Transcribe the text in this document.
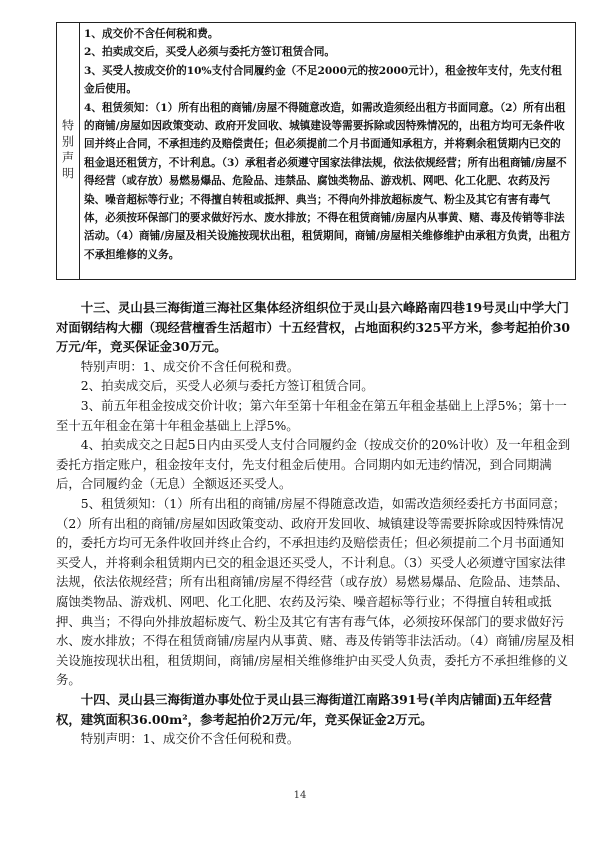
特别声明

1、成交价不含任何税和费。

2、拍卖成交后，买受人必须与委托方签订租赁合同。

3、买受人按成交价的10%支付合同履约金（不足2000元的按2000元计），租金按年支付，先支付租金后使用。

4、租赁须知：（1）所有出租的商铺/房屋不得随意改造，如需改造须经出租方书面同意。（2）所有出租的商铺/房屋如因政策变动、政府开发回收、城镇建设等需要拆除或因特殊情况的，出租方均可无条件收回并终止合同，不承担违约及赔偿责任；但必须提前二个月书面通知承租方，并将剩余租赁期内已交的租金退还租赁方，不计利息。（3）承租者必须遵守国家法律法规，依法依规经营；所有出租商铺/房屋不得经营（或存放）易燃易爆品、危险品、违禁品、腐蚀类物品、游戏机、网吧、化工化肥、农药及污染、噪音超标等行业；不得擅自转租或抵押、典当；不得向外排放超标废气、粉尘及其它有害有毒气体，必须按环保部门的要求做好污水、废水排放；不得在租赁商铺/房屋内从事黄、赌、毒及传销等非法活动。（4）商铺/房屋及相关设施按现状出租，租赁期间，商铺/房屋相关维修维护由承租方负责，出租方不承担维修的义务。

十三、灵山县三海街道三海社区集体经济组织位于灵山县六峰路南四巷19号灵山中学大门对面钢结构大棚（现经营檀香生活超市）十五经营权，占地面积约325平方米，参考起拍价30万元/年，竞买保证金30万元。

特别声明：1、成交价不含任何税和费。

2、拍卖成交后，买受人必须与委托方签订租赁合同。

3、前五年租金按成交价计收；第六年至第十年租金在第五年租金基础上上浮5%；第十一至十五年租金在第十年租金基础上上浮5%。

4、拍卖成交之日起5日内由买受人支付合同履约金（按成交价的20%计收）及一年租金到委托方指定账户，租金按年支付，先支付租金后使用。合同期内如无违约情况，到合同期满后，合同履约金（无息）全额返还买受人。

5、租赁须知：（1）所有出租的商铺/房屋不得随意改造，如需改造须经委托方书面同意；（2）所有出租的商铺/房屋如因政策变动、政府开发回收、城镇建设等需要拆除或因特殊情况的，委托方均可无条件收回并终止合约，不承担违约及赔偿责任；但必须提前二个月书面通知买受人，并将剩余租赁期内已交的租金退还买受人，不计利息。（3）买受人必须遵守国家法律法规，依法依规经营；所有出租商铺/房屋不得经营（或存放）易燃易爆品、危险品、违禁品、腐蚀类物品、游戏机、网吧、化工化肥、农药及污染、噪音超标等行业；不得擅自转租或抵押、典当；不得向外排放超标废气、粉尘及其它有害有毒气体，必须按环保部门的要求做好污水、废水排放；不得在租赁商铺/房屋内从事黄、赌、毒及传销等非法活动。（4）商铺/房屋及相关设施按现状出租，租赁期间，商铺/房屋相关维修维护由买受人负责，委托方不承担维修的义务。

十四、灵山县三海街道办事处位于灵山县三海街道江南路391号(羊肉店铺面)五年经营权，建筑面积36.00m²，参考起拍价2万元/年，竞买保证金2万元。

特别声明：1、成交价不含任何税和费。

14
